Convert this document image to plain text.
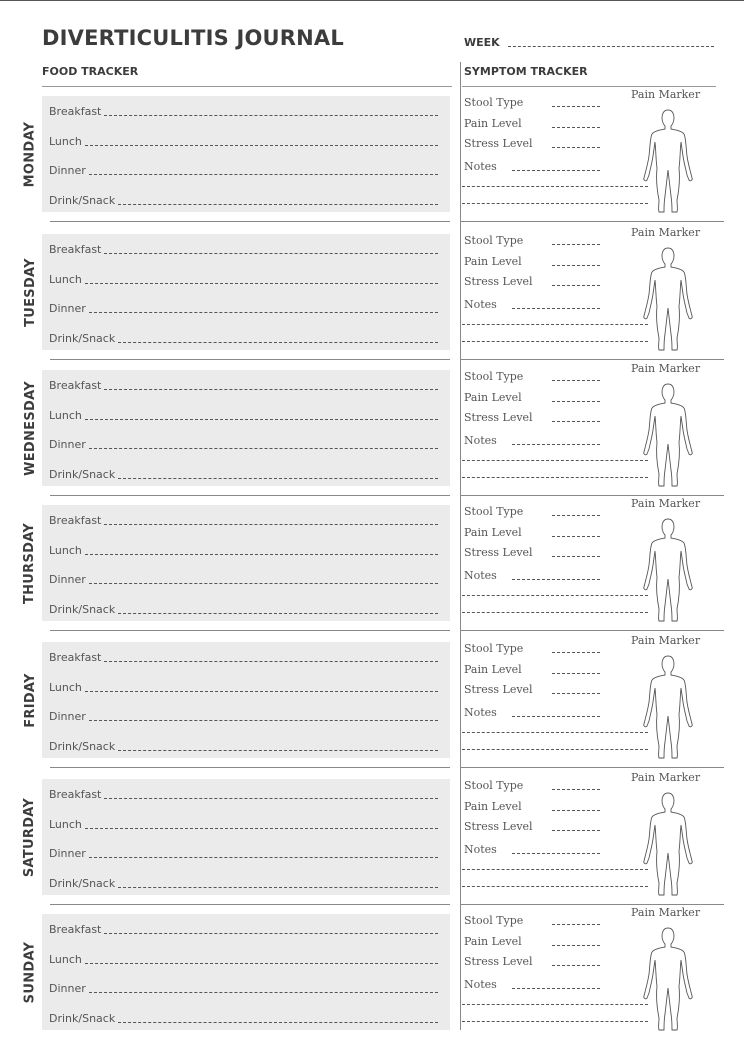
DIVERTICULITIS JOURNAL	WEEK
FOOD TRACKER	SYMPTOM TRACKER
MONDAY
Breakfast
Lunch
Dinner
Drink/Snack
Stool Type
Pain Level
Stress Level
Notes
Pain Marker
TUESDAY
Breakfast
Lunch
Dinner
Drink/Snack
Stool Type
Pain Level
Stress Level
Notes
Pain Marker
WEDNESDAY Breakfast
Lunch
Dinner
Drink/Snack
Stool Type
Pain Level
Stress Level
Notes
Pain Marker
THURSDAY
Breakfast
Lunch
Dinner
Drink/Snack
Stool Type
Pain Level
Stress Level
Notes
Pain Marker
FRIDAY
Breakfast
Lunch
Dinner
Drink/Snack
Stool Type
Pain Level
Stress Level
Notes
Pain Marker
SATURDAY
Breakfast
Lunch
Dinner
Drink/Snack
Stool Type
Pain Level
Stress Level
Notes
Pain Marker
SUNDAY
Breakfast
Lunch
Dinner
Drink/Snack
Stool Type
Pain Level
Stress Level
Notes
Pain Marker
